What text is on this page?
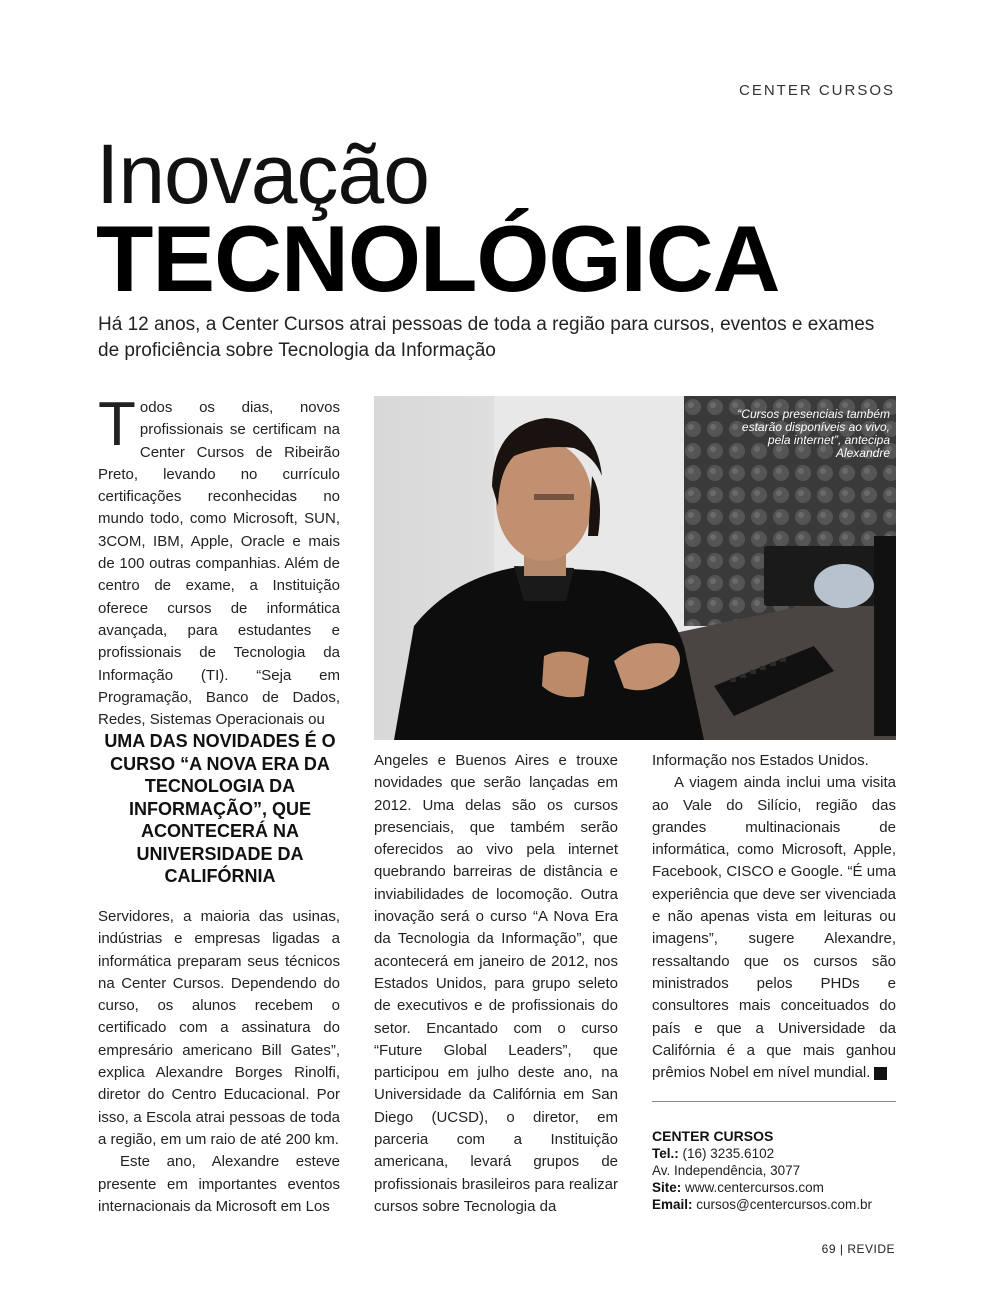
CENTER CURSOS
Inovação
TECNOLÓGICA
Há 12 anos, a Center Cursos atrai pessoas de toda a região para cursos, eventos e exames de proficiência sobre Tecnologia da Informação
T odos os dias, novos profissionais se certificam na Center Cursos de Ribeirão Preto, levando no currículo certificações reconhecidas no mundo todo, como Microsoft, SUN, 3COM, IBM, Apple, Oracle e mais de 100 outras companhias. Além de centro de exame, a Instituição oferece cursos de informática avançada, para estudantes e profissionais de Tecnologia da Informação (TI). “Seja em Programação, Banco de Dados, Redes, Sistemas Operacionais ou

UMA DAS NOVIDADES É O CURSO “A NOVA ERA DA TECNOLOGIA DA INFORMAÇÃO”, QUE ACONTECERÁ NA UNIVERSIDADE DA CALIFÓRNIA

Servidores, a maioria das usinas, indústrias e empresas ligadas a informática preparam seus técnicos na Center Cursos. Dependendo do curso, os alunos recebem o certificado com a assinatura do empresário americano Bill Gates”, explica Alexandre Borges Rinolfi, diretor do Centro Educacional. Por isso, a Escola atrai pessoas de toda a região, em um raio de até 200 km.

Este ano, Alexandre esteve presente em importantes eventos internacionais da Microsoft em Los

“Cursos presenciais também estarão disponíveis ao vivo, pela internet”, antecipa Alexandre

Angeles e Buenos Aires e trouxe novidades que serão lançadas em 2012. Uma delas são os cursos presenciais, que também serão oferecidos ao vivo pela internet quebrando barreiras de distância e inviabilidades de locomoção. Outra inovação será o curso “A Nova Era da Tecnologia da Informação”, que acontecerá em janeiro de 2012, nos Estados Unidos, para grupo seleto de executivos e de profissionais do setor. Encantado com o curso “Future Global Leaders”, que participou em julho deste ano, na Universidade da Califórnia em San Diego (UCSD), o diretor, em parceria com a Instituição americana, levará grupos de profissionais brasileiros para realizar cursos sobre Tecnologia da

Informação nos Estados Unidos.

A viagem ainda inclui uma visita ao Vale do Silício, região das grandes multinacionais de informática, como Microsoft, Apple, Facebook, CISCO e Google. “É uma experiência que deve ser vivenciada e não apenas vista em leituras ou imagens”, sugere Alexandre, ressaltando que os cursos são ministrados pelos PHDs e consultores mais conceituados do país e que a Universidade da Califórnia é a que mais ganhou prêmios Nobel em nível mundial.	r

CENTER CURSOS
Tel.: (16) 3235.6102
Av. Independência, 3077
Site: www.centercursos.com
Email: cursos@centercursos.com.br
69 | REVIDE
